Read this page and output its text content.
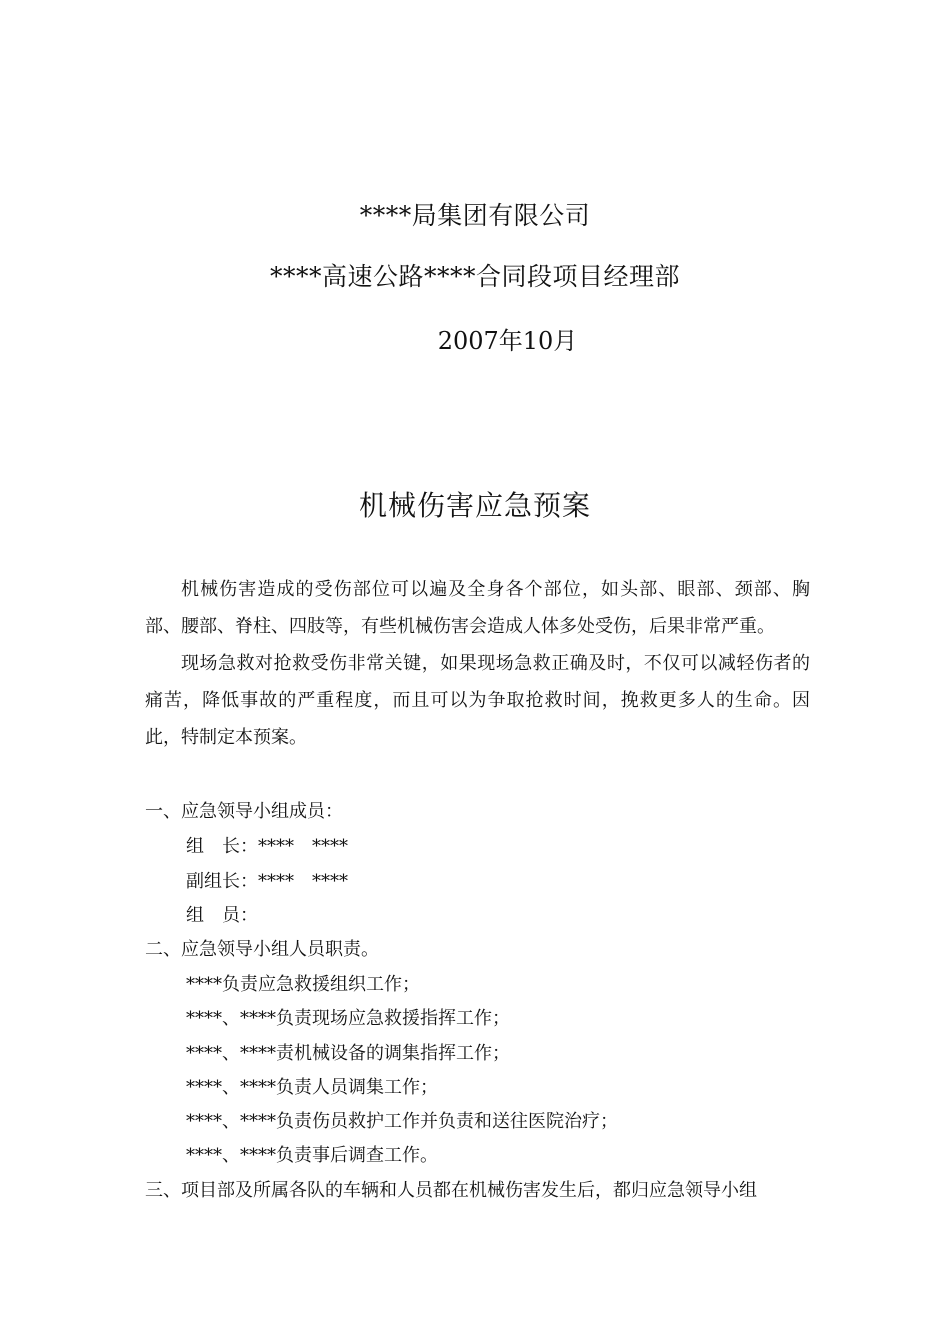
****局集团有限公司
****高速公路****合同段项目经理部
2007年10月
机械伤害应急预案

机械伤害造成的受伤部位可以遍及全身各个部位，如头部、眼部、颈部、胸部、腰部、脊柱、四肢等，有些机械伤害会造成人体多处受伤，后果非常严重。

现场急救对抢救受伤非常关键，如果现场急救正确及时，不仅可以减轻伤者的痛苦，降低事故的严重程度，而且可以为争取抢救时间，挽救更多人的生命。因此，特制定本预案。

一、应急领导小组成员：
组　长：****　****
副组长：****　****
组　员：
二、应急领导小组人员职责。
****负责应急救援组织工作；
****、****负责现场应急救援指挥工作；
****、****责机械设备的调集指挥工作；
****、****负责人员调集工作；
****、****负责伤员救护工作并负责和送往医院治疗；
****、****负责事后调查工作。
三、项目部及所属各队的车辆和人员都在机械伤害发生后，都归应急领导小组
